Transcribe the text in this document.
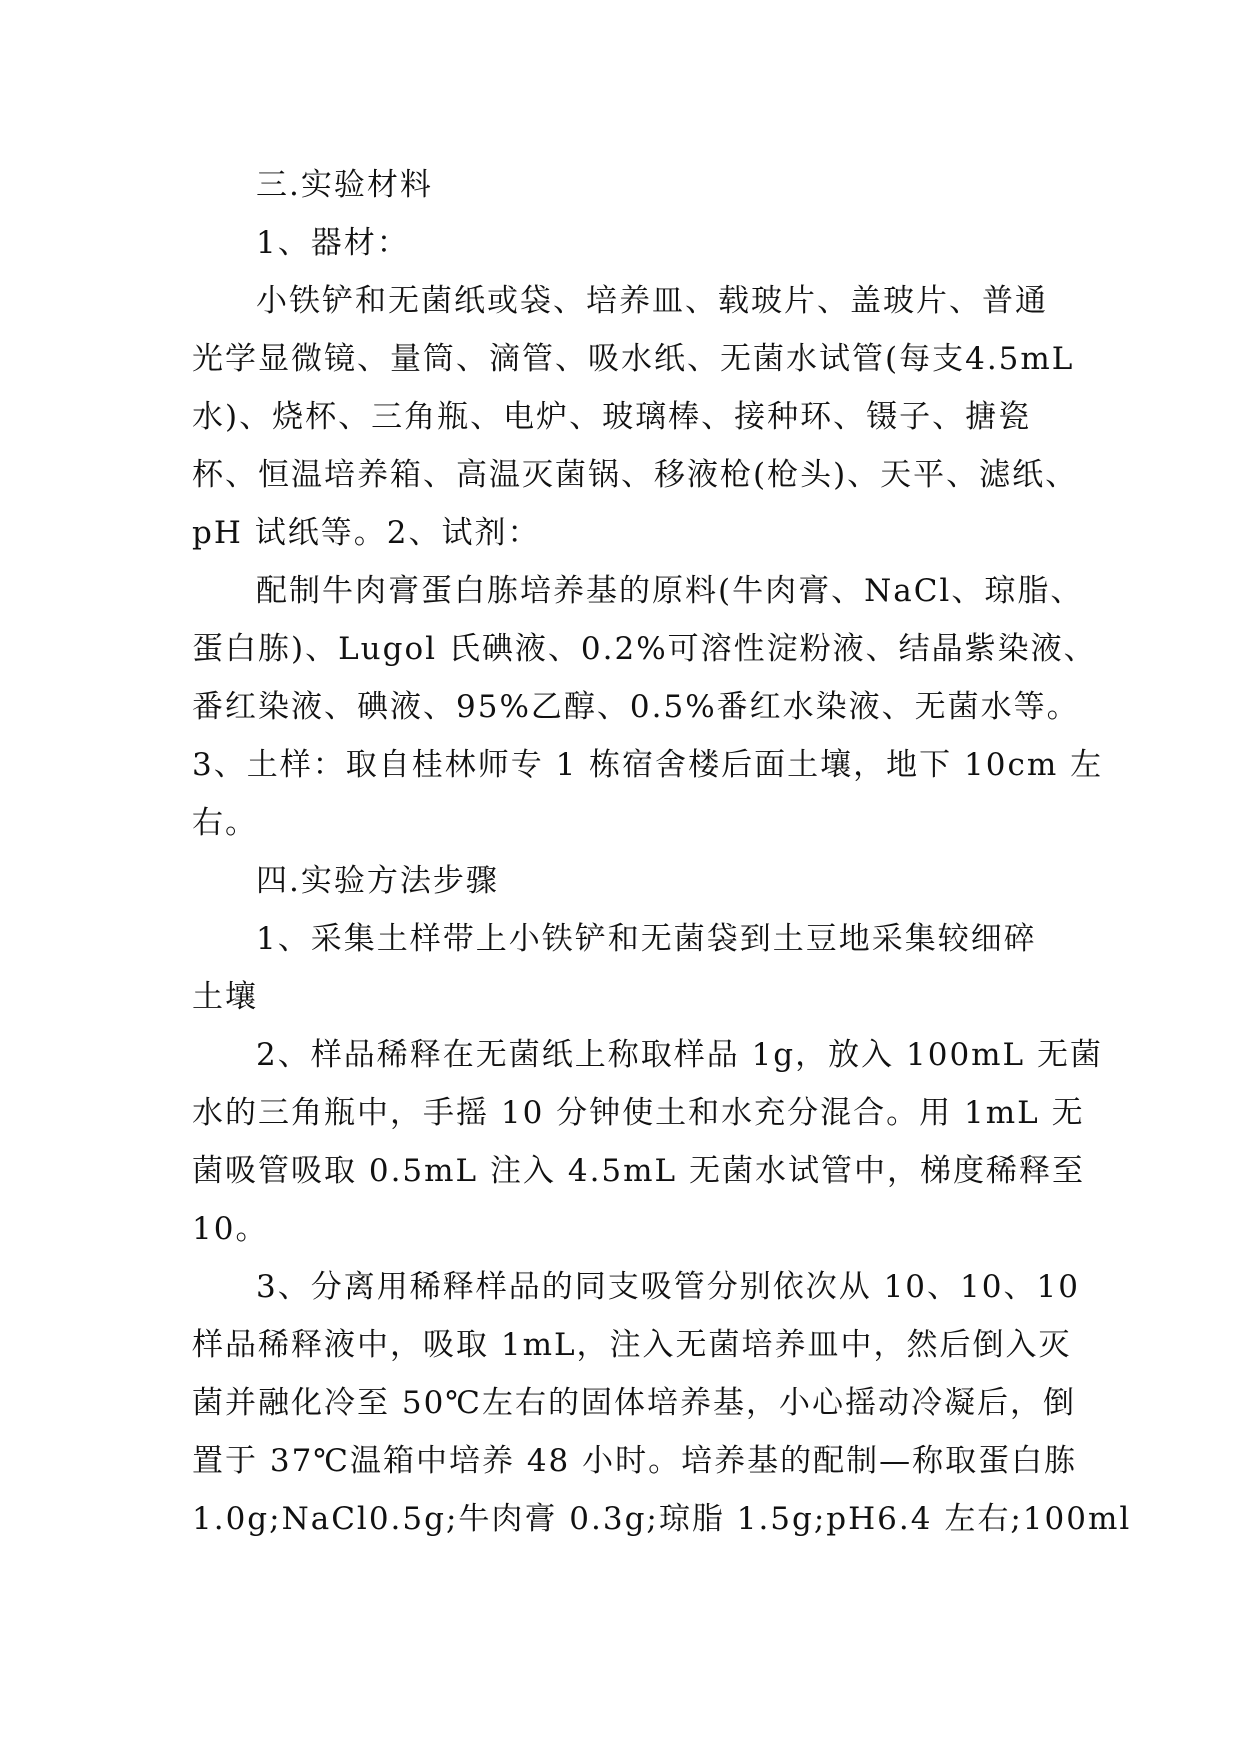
三.实验材料
1、器材：
小铁铲和无菌纸或袋、培养皿、载玻片、盖玻片、普通
光学显微镜、量筒、滴管、吸水纸、无菌水试管(每支4.5mL
水)、烧杯、三角瓶、电炉、玻璃棒、接种环、镊子、搪瓷
杯、恒温培养箱、高温灭菌锅、移液枪(枪头)、天平、滤纸、
pH 试纸等。2、试剂：
配制牛肉膏蛋白胨培养基的原料(牛肉膏、NaCl、琼脂、
蛋白胨)、Lugol 氏碘液、0.2%可溶性淀粉液、结晶紫染液、
番红染液、碘液、95%乙醇、0.5%番红水染液、无菌水等。
3、土样：取自桂林师专 1 栋宿舍楼后面土壤，地下 10cm 左
右。
四.实验方法步骤
1、采集土样带上小铁铲和无菌袋到土豆地采集较细碎
土壤
2、样品稀释在无菌纸上称取样品 1g，放入 100mL 无菌
水的三角瓶中，手摇 10 分钟使土和水充分混合。用 1mL 无
菌吸管吸取 0.5mL 注入 4.5mL 无菌水试管中，梯度稀释至
10。
3、分离用稀释样品的同支吸管分别依次从 10、10、10
样品稀释液中，吸取 1mL，注入无菌培养皿中，然后倒入灭
菌并融化冷至 50℃左右的固体培养基，小心摇动冷凝后，倒
置于 37℃温箱中培养 48 小时。培养基的配制—称取蛋白胨
1.0g;NaCl0.5g;牛肉膏 0.3g;琼脂 1.5g;pH6.4 左右;100ml
